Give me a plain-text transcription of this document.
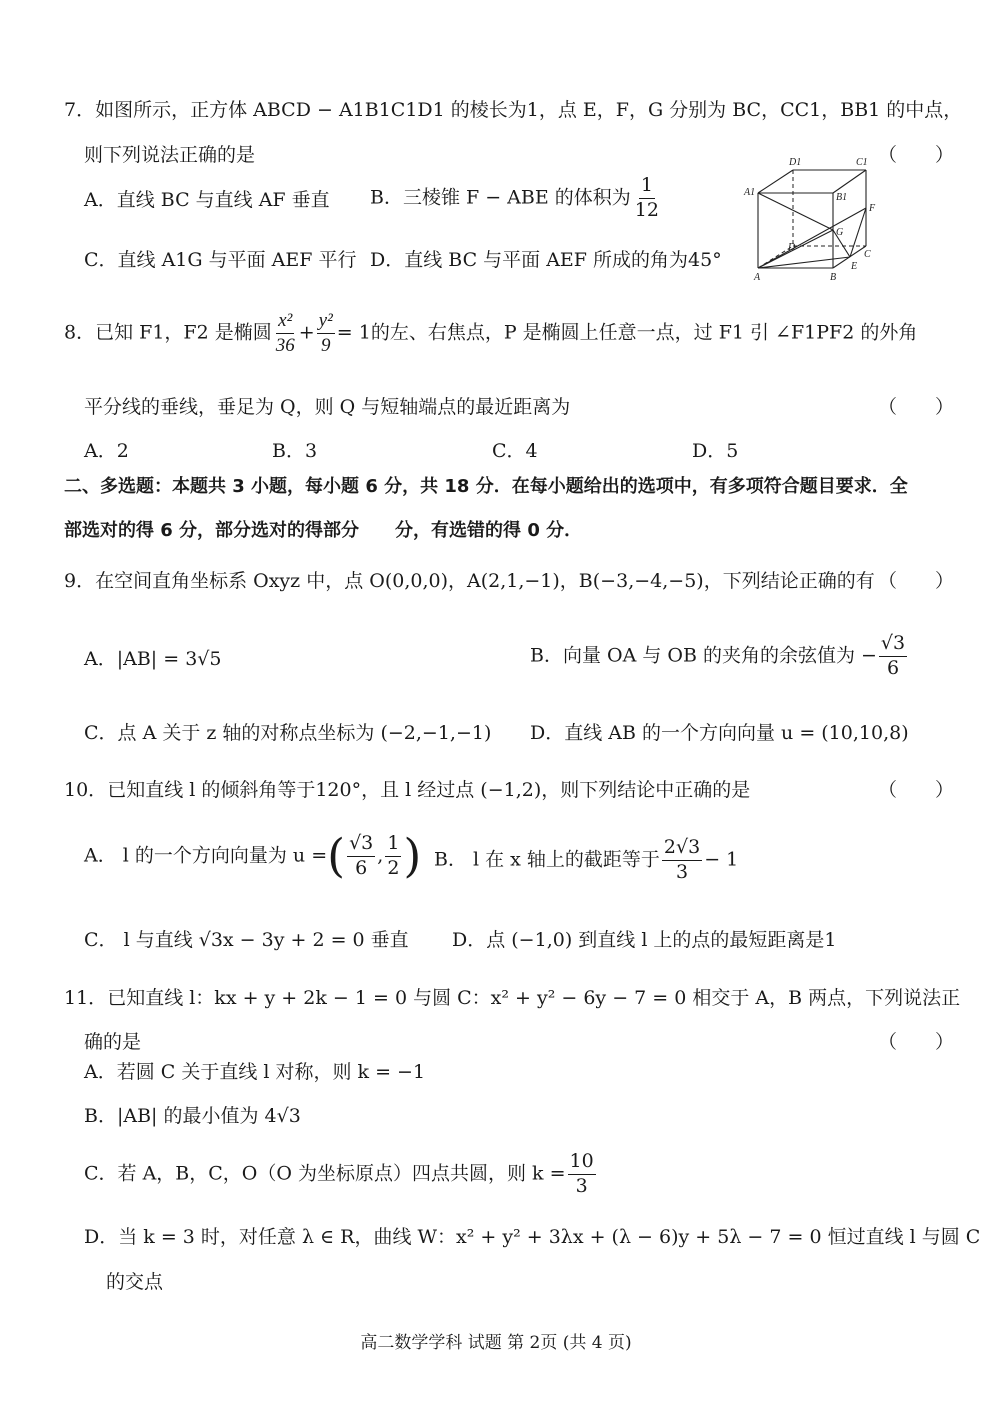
7．如图所示，正方体 ABCD − A1B1C1D1 的棱长为1，点 E，F，G 分别为 BC，CC1，BB1 的中点，
则下列说法正确的是	（　　）
A．直线 BC 与直线 AF 垂直 B．三棱锥 F − ABE 的体积为 $\frac{1}{12}$
C．直线 A1G 与平面 AEF 平行 D．直线 BC 与平面 AEF 所成的角为45°
D1	C1
A1	B1
F
G
D
C
A	B
E
8．已知 F1，F2 是椭圆 $\frac{\text{x²}}{36} + \frac{\text{y²}}{9} = 1$的左、右焦点，P 是椭圆上任意一点，过 F1 引 ∠F1PF2 的外角
平分线的垂线，垂足为 Q，则 Q 与短轴端点的最近距离为	（　　）
A．2	B．3	C．4	D．5
二、多选题：本题共 3 小题，每小题 6 分，共 18 分．在每小题给出的选项中，有多项符合题目要求．全
部选对的得 6 分，部分选对的得部分　　分，有选错的得 0 分．
9．在空间直角坐标系 Oxyz 中，点 O(0,0,0)，A(2,1,−1)，B(−3,−4,−5)，下列结论正确的有 （　　）
A．|AB| = 3√5	B．向量 OA 与 OB 的夹角的余弦值为 − $\frac{√3}{6}$
C．点 A 关于 z 轴的对称点坐标为 (−2,−1,−1) D．直线 AB 的一个方向向量 u = (10,10,8)
10．已知直线 l 的倾斜角等于120°，且 l 经过点 (−1,2)，则下列结论中正确的是	（　　）
A． l 的一个方向向量为 u =( $\frac{√3}{6}$ , $\frac{1}{2}$ ) B． l 在 x 轴上的截距等于 $\frac{2√3}{3} - 1$
C． l 与直线 √3x − 3y + 2 = 0 垂直 D．点 (−1,0) 到直线 l 上的点的最短距离是1
11．已知直线 l：kx + y + 2k − 1 = 0 与圆 C：x² + y² − 6y − 7 = 0 相交于 A，B 两点，下列说法正
确的是	（　　）
A．若圆 C 关于直线 l 对称，则 k = −1
B．|AB| 的最小值为 4√3
C．若 A，B，C，O（O 为坐标原点）四点共圆，则 $k = \frac{10}{3}$
D．当 k = 3 时，对任意 λ ∈ R，曲线 W：x² + y² + 3λx + (λ − 6)y + 5λ − 7 = 0 恒过直线 l 与圆 C
的交点
高二数学学科 试题 第 2页 (共 4 页)
